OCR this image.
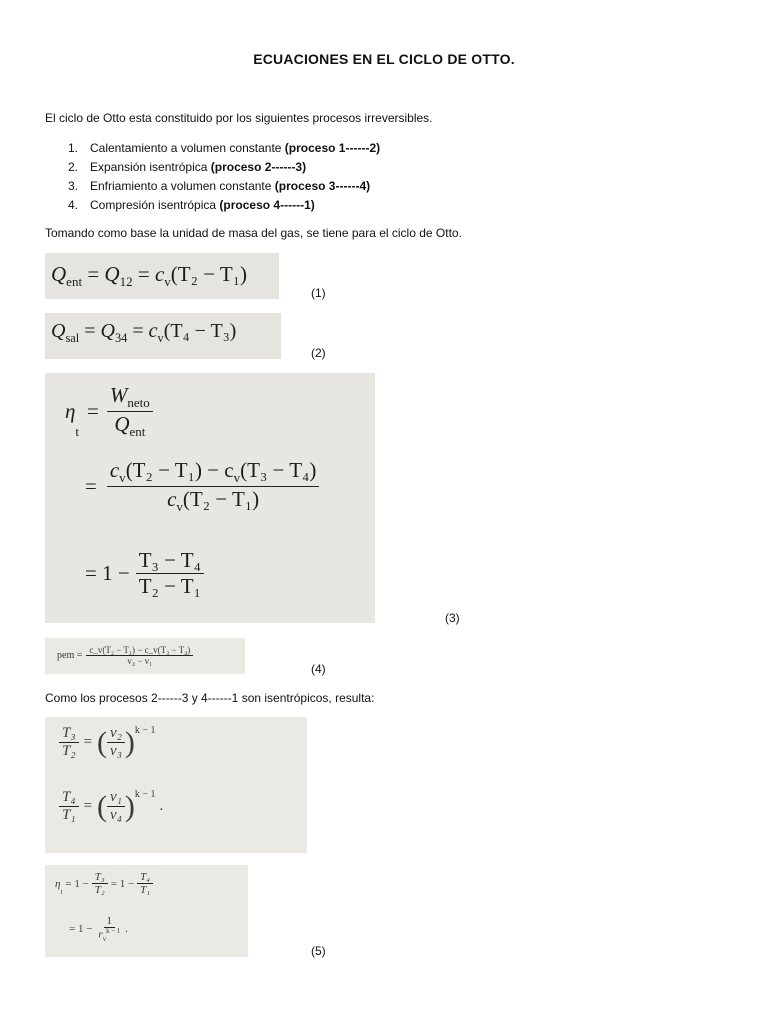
ECUACIONES EN EL CICLO DE OTTO.
El ciclo de Otto esta constituido por los siguientes procesos irreversibles.
1. Calentamiento a volumen constante (proceso 1------2)
2. Expansión isentrópica (proceso 2------3)
3. Enfriamiento a volumen constante (proceso 3------4)
4. Compresión isentrópica (proceso 4------1)
Tomando como base la unidad de masa del gas, se tiene para el ciclo de Otto.
$Q_{ent} = Q_{12} = c_v(T_2 - T_1)$
(1)
$Q_{sal} = Q_{34} = c_v(T_4 - T_3)$
(2)
η
t
= $\frac{W_{neto}}{Q_{ent}}$
= $\frac{c_v(T_2 - T_1) - c_v(T_3 - T_4)}{c_v(T_2 - T_1)}$
= $1 - \frac{\text{T₃ − T₄}}{\text{T₂ − T₁}}$
(3)
pem = $\frac{\text{c\_v(T₂ − T₁) − c\_v(T₃ − T₄)}}{\text{v₄ − v₁}}$
(4)
Como los procesos 2------3 y 4------1 son isentrópicos, resulta:
$\frac{\text{T₃}}{\text{T₂}}$ = ( $\frac{\text{v₂}}{\text{v₃}} )^{k - 1}$
$\frac{\text{T₄}}{\text{T₁}}$ = ( $\frac{\text{v₁}}{\text{v₄}} )^{k - 1}$
.
η
$_t$
= $1 - \frac{\text{T₃}}{\text{T₂}} = 1 - \frac{\text{T₄}}{\text{T₁}}$
= $1 - \frac{1}{r_v^{k - 1}}$ .
(5)
